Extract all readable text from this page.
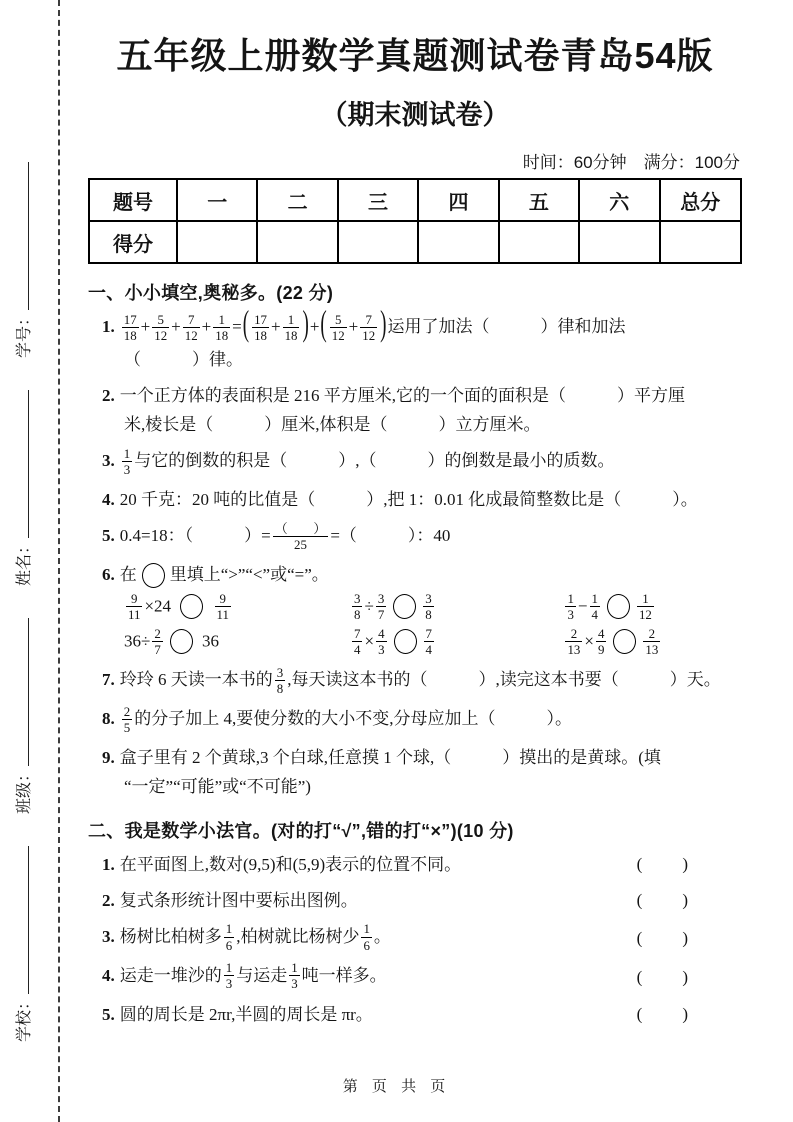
学校：
班级：
姓名：
学号：
五年级上册数学真题测试卷青岛54版
（期末测试卷）
时间：60分钟　满分：100分
题号	一	二	三	四	五	六	总分
得分							
一、小小填空,奥秘多。(22 分)
1. $\frac{17}{18} + \frac{5}{12} + \frac{7}{12} + \frac{1}{18}$ =( $\frac{17}{18} + \frac{1}{18}$ )+( $\frac{5}{12} + \frac{7}{12}$ )运用了加法（　　　）律和加法
（　　　）律。
2. 一个正方体的表面积是 216 平方厘米,它的一个面的面积是（　　　）平方厘
米,棱长是（　　　）厘米,体积是（　　　）立方厘米。
3. $\frac{1}{3}$ 与它的倒数的积是（　　　）,（　　　）的倒数是最小的质数。
4. 20 千克：20 吨的比值是（　　　）,把 1：0.01 化成最简整数比是（　　　）。
5. 0.4=18：（　　　）= $\frac{( )}{25}$ =（　　　）：40
6. 在 里填上“>”“<”或“=”。
$\frac{9}{11} \times 24$	$\frac{9}{11}$	$\frac{3}{8} \div \frac{3}{7}$	$\frac{3}{8}$	$\frac{1}{3} - \frac{1}{4}$	$\frac{1}{12}$
$36\div \frac{2}{7} 36$	$\frac{7}{4} \times \frac{4}{3}$	$\frac{7}{4}$	$\frac{2}{13} \times \frac{4}{9}$	$\frac{2}{13}$
7. 玲玲 6 天读一本书的 $\frac{3}{8}$ ,每天读这本书的（　　　）,读完这本书要（　　　）天。
8. $\frac{2}{5}$ 的分子加上 4,要使分数的大小不变,分母应加上（　　　）。
9. 盒子里有 2 个黄球,3 个白球,任意摸 1 个球,（　　　）摸出的是黄球。(填
“一定”“可能”或“不可能”)
二、我是数学小法官。(对的打“√”,错的打“×”)(10 分)
1. 在平面图上,数对(9,5)和(5,9)表示的位置不同。	(　　)
2. 复式条形统计图中要标出图例。	(　　)
3. 杨树比柏树多 $\frac{1}{6}$ ,柏树就比杨树少 $\frac{1}{6}$ 。	(　　)
4. 运走一堆沙的 $\frac{1}{3}$ 与运走 $\frac{1}{3}$ 吨一样多。	(　　)
5. 圆的周长是 2πr,半圆的周长是 πr。	(　　)
第 页 共 页
